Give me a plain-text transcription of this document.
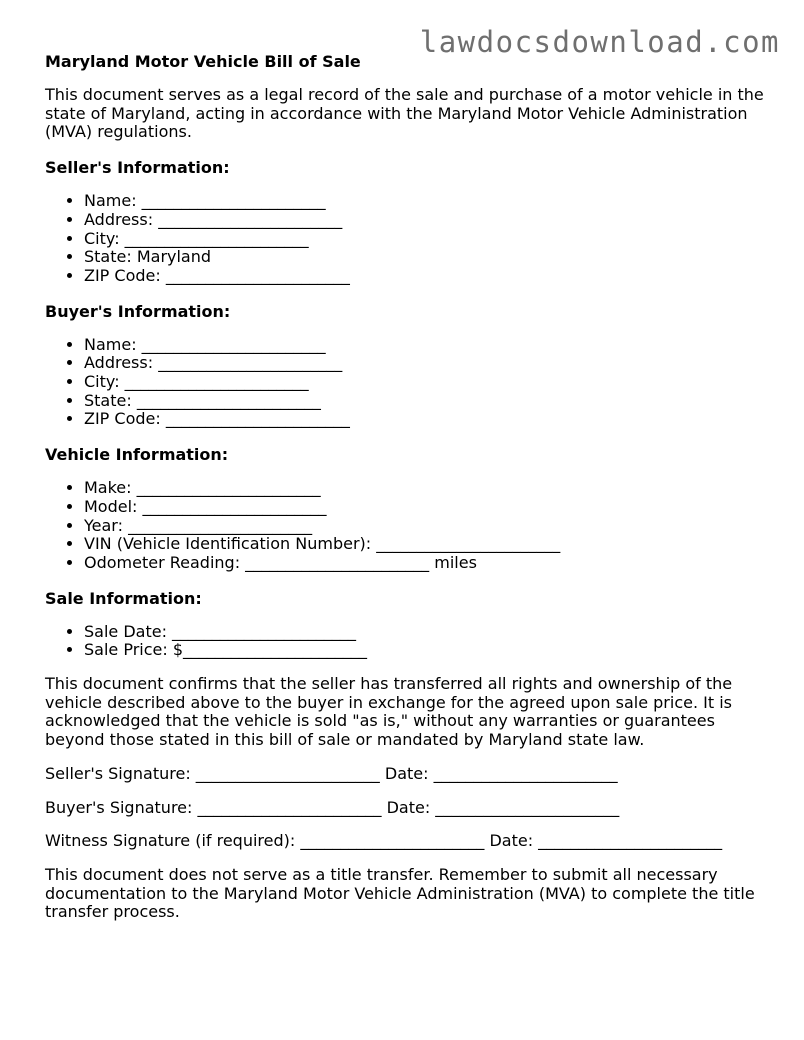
lawdocsdownload.com
Maryland Motor Vehicle Bill of Sale

This document serves as a legal record of the sale and purchase of a motor vehicle in the state of Maryland, acting in accordance with the Maryland Motor Vehicle Administration (MVA) regulations.

Seller's Information:
• Name: _______________________
• Address: _______________________
• City: _______________________
• State: Maryland
• ZIP Code: _______________________
Buyer's Information:
• Name: _______________________
• Address: _______________________
• City: _______________________
• State: _______________________
• ZIP Code: _______________________
Vehicle Information:
• Make: _______________________
• Model: _______________________
• Year: _______________________
• VIN (Vehicle Identification Number): _______________________
• Odometer Reading: _______________________ miles
Sale Information:
• Sale Date: _______________________
• Sale Price: $_______________________

This document confirms that the seller has transferred all rights and ownership of the vehicle described above to the buyer in exchange for the agreed upon sale price. It is acknowledged that the vehicle is sold "as is," without any warranties or guarantees beyond those stated in this bill of sale or mandated by Maryland state law.

Seller's Signature: _______________________ Date: _______________________

Buyer's Signature: _______________________ Date: _______________________

Witness Signature (if required): _______________________ Date: _______________________

This document does not serve as a title transfer. Remember to submit all necessary documentation to the Maryland Motor Vehicle Administration (MVA) to complete the title transfer process.
